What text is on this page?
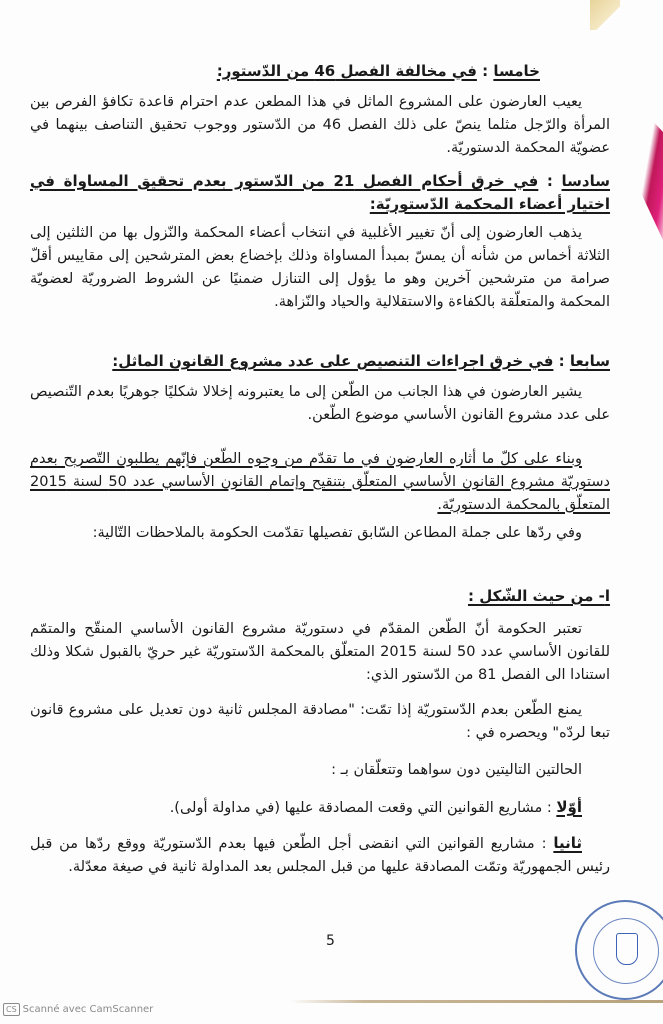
خامسا : في مخالفة الفصل 46 من الدّستور:

يعيب العارضون على المشروع الماثل في هذا المطعن عدم احترام قاعدة تكافؤ الفرص بين المرأة والرّجل مثلما ينصّ على ذلك الفصل 46 من الدّستور ووجوب تحقيق التناصف بينهما في عضويّة المحكمة الدستوريّة.

سادسا : في خرق أحكام الفصل 21 من الدّستور بعدم تحقيق المساواة في اختيار أعضاء المحكمة الدّستوريّة:

يذهب العارضون إلى أنّ تغيير الأغلبية في انتخاب أعضاء المحكمة والنّزول بها من الثلثين إلى الثلاثة أخماس من شأنه أن يمسّ بمبدأ المساواة وذلك بإخضاع بعض المترشحين إلى مقاييس أقلّ صرامة من مترشحين آخرين وهو ما يؤول إلى التنازل ضمنيًا عن الشروط الضروريّة لعضويّة المحكمة والمتعلّقة بالكفاءة والاستقلالية والحياد والنّزاهة.

سابعا : في خرق اجراءات التنصيص على عدد مشروع القانون الماثل:

يشير العارضون في هذا الجانب من الطّعن إلى ما يعتبرونه إخلالا شكليًا جوهريًا بعدم التّنصيص على عدد مشروع القانون الأساسي موضوع الطّعن.

وبناء على كلّ ما أثاره العارضون في ما تقدّم من وجوه الطّعن فإنّهم يطلبون التّصريح بعدم دستوريّة مشروع القانون الأساسي المتعلّق بتنقيح وإتمام القانون الأساسي عدد 50 لسنة 2015 المتعلّق بالمحكمة الدستوريّة.

وفي ردّها على جملة المطاعن السّابق تفصيلها تقدّمت الحكومة بالملاحظات التّالية:

ا- من حيث الشّكل :

تعتبر الحكومة أنّ الطّعن المقدّم في دستوريّة مشروع القانون الأساسي المنقّح والمتمّم للقانون الأساسي عدد 50 لسنة 2015 المتعلّق بالمحكمة الدّستوريّة غير حريّ بالقبول شكلا وذلك استنادا الى الفصل 81 من الدّستور الذي:

يمنع الطّعن بعدم الدّستوريّة إذا تمّت: "مصادقة المجلس ثانية دون تعديل على مشروع قانون تبعا لردّه" ويحصره في :

الحالتين التاليتين دون سواهما وتتعلّقان بـ :

أوّلا : مشاريع القوانين التي وقعت المصادقة عليها (في مداولة أولى).

ثانيا : مشاريع القوانين التي انقضى أجل الطّعن فيها بعدم الدّستوريّة ووقع ردّها من قبل رئيس الجمهوريّة وتمّت المصادقة عليها من قبل المجلس بعد المداولة ثانية في صيغة معدّلة.

5
CS Scanné avec CamScanner
